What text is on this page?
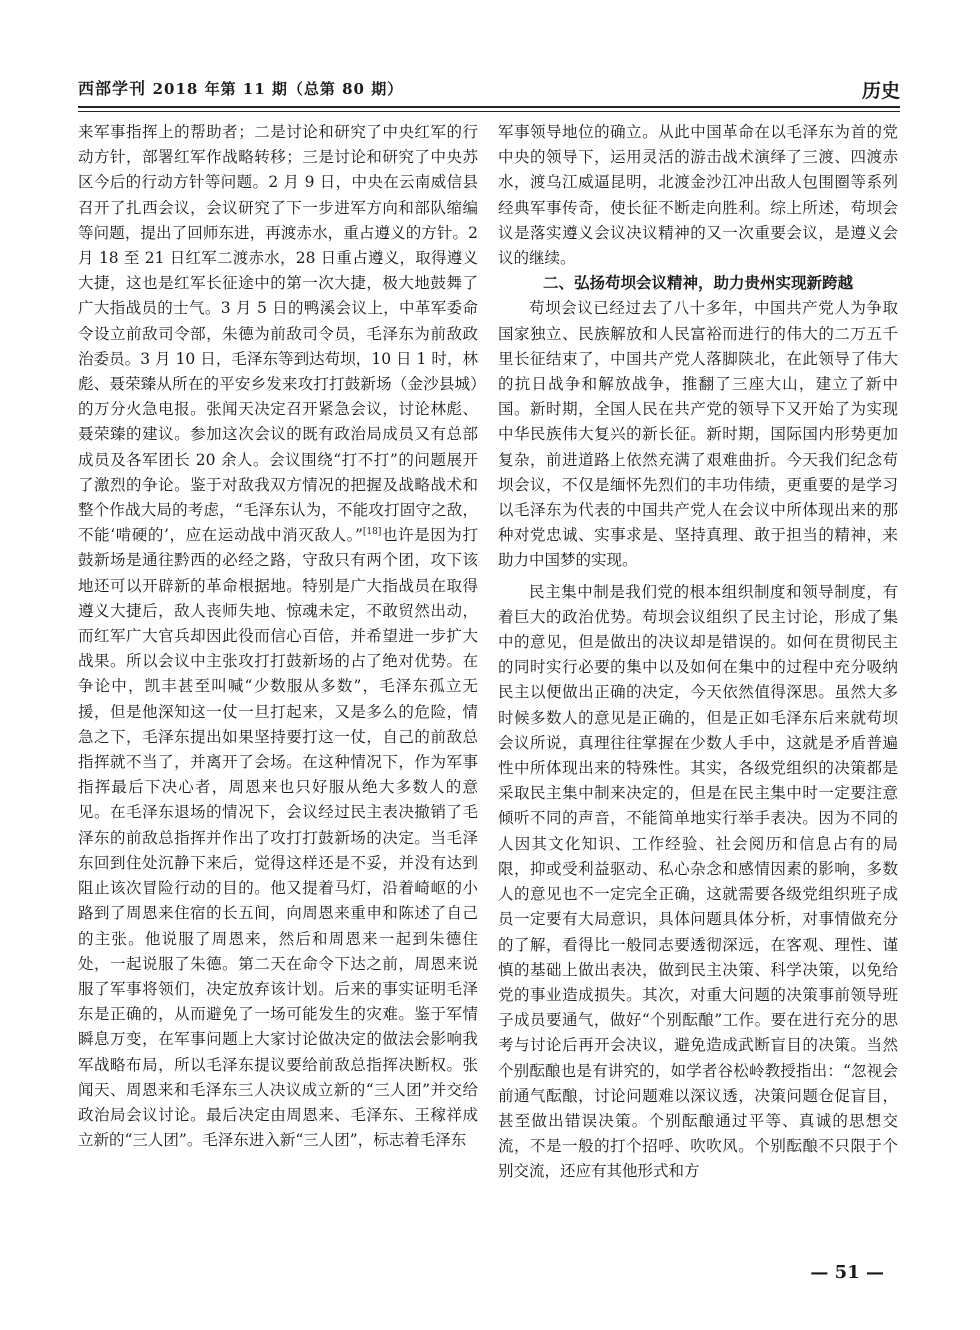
西部学刊 2018 年第 11 期（总第 80 期）	历史

来军事指挥上的帮助者；二是讨论和研究了中央红军的行动方针，部署红军作战略转移；三是讨论和研究了中央苏区今后的行动方针等问题。2 月 9 日，中央在云南威信县召开了扎西会议，会议研究了下一步进军方向和部队缩编等问题，提出了回师东进，再渡赤水，重占遵义的方针。2 月 18 至 21 日红军二渡赤水，28 日重占遵义，取得遵义大捷，这也是红军长征途中的第一次大捷，极大地鼓舞了广大指战员的士气。3 月 5 日的鸭溪会议上，中革军委命令设立前敌司令部，朱德为前敌司令员，毛泽东为前敌政治委员。3 月 10 日，毛泽东等到达苟坝，10 日 1 时，林彪、聂荣臻从所在的平安乡发来攻打打鼓新场（金沙县城）的万分火急电报。张闻天决定召开紧急会议，讨论林彪、聂荣臻的建议。参加这次会议的既有政治局成员又有总部成员及各军团长 20 余人。会议围绕“打不打”的问题展开了激烈的争论。鉴于对敌我双方情况的把握及战略战术和整个作战大局的考虑，“毛泽东认为，不能攻打固守之敌，不能‘啃硬的’，应在运动战中消灭敌人。”[18]也许是因为打鼓新场是通往黔西的必经之路，守敌只有两个团，攻下该地还可以开辟新的革命根据地。特别是广大指战员在取得遵义大捷后，敌人丧师失地、惊魂未定，不敢贸然出动，而红军广大官兵却因此役而信心百倍，并希望进一步扩大战果。所以会议中主张攻打打鼓新场的占了绝对优势。在争论中，凯丰甚至叫喊“少数服从多数”，毛泽东孤立无援，但是他深知这一仗一旦打起来，又是多么的危险，情急之下，毛泽东提出如果坚持要打这一仗，自己的前敌总指挥就不当了，并离开了会场。在这种情况下，作为军事指挥最后下决心者，周恩来也只好服从绝大多数人的意见。在毛泽东退场的情况下，会议经过民主表决撤销了毛泽东的前敌总指挥并作出了攻打打鼓新场的决定。当毛泽东回到住处沉静下来后，觉得这样还是不妥，并没有达到阻止该次冒险行动的目的。他又提着马灯，沿着崎岖的小路到了周恩来住宿的长五间，向周恩来重申和陈述了自己的主张。他说服了周恩来，然后和周恩来一起到朱德住处，一起说服了朱德。第二天在命令下达之前，周恩来说服了军事将领们，决定放弃该计划。后来的事实证明毛泽东是正确的，从而避免了一场可能发生的灾难。鉴于军情瞬息万变，在军事问题上大家讨论做决定的做法会影响我军战略布局，所以毛泽东提议要给前敌总指挥决断权。张闻天、周恩来和毛泽东三人决议成立新的“三人团”并交给政治局会议讨论。最后决定由周恩来、毛泽东、王稼祥成立新的“三人团”。毛泽东进入新“三人团”，标志着毛泽东

军事领导地位的确立。从此中国革命在以毛泽东为首的党中央的领导下，运用灵活的游击战术演绎了三渡、四渡赤水，渡乌江威逼昆明，北渡金沙江冲出敌人包围圈等系列经典军事传奇，使长征不断走向胜利。综上所述，苟坝会议是落实遵义会议决议精神的又一次重要会议，是遵义会议的继续。

二、弘扬苟坝会议精神，助力贵州实现新跨越

苟坝会议已经过去了八十多年，中国共产党人为争取国家独立、民族解放和人民富裕而进行的伟大的二万五千里长征结束了，中国共产党人落脚陕北，在此领导了伟大的抗日战争和解放战争，推翻了三座大山，建立了新中国。新时期，全国人民在共产党的领导下又开始了为实现中华民族伟大复兴的新长征。新时期，国际国内形势更加复杂，前进道路上依然充满了艰难曲折。今天我们纪念苟坝会议，不仅是缅怀先烈们的丰功伟绩，更重要的是学习以毛泽东为代表的中国共产党人在会议中所体现出来的那种对党忠诚、实事求是、坚持真理、敢于担当的精神，来助力中国梦的实现。

民主集中制是我们党的根本组织制度和领导制度，有着巨大的政治优势。苟坝会议组织了民主讨论，形成了集中的意见，但是做出的决议却是错误的。如何在贯彻民主的同时实行必要的集中以及如何在集中的过程中充分吸纳民主以便做出正确的决定，今天依然值得深思。虽然大多时候多数人的意见是正确的，但是正如毛泽东后来就苟坝会议所说，真理往往掌握在少数人手中，这就是矛盾普遍性中所体现出来的特殊性。其实，各级党组织的决策都是采取民主集中制来决定的，但是在民主集中时一定要注意倾听不同的声音，不能简单地实行举手表决。因为不同的人因其文化知识、工作经验、社会阅历和信息占有的局限，抑或受利益驱动、私心杂念和感情因素的影响，多数人的意见也不一定完全正确，这就需要各级党组织班子成员一定要有大局意识，具体问题具体分析，对事情做充分的了解，看得比一般同志要透彻深远，在客观、理性、谨慎的基础上做出表决，做到民主决策、科学决策，以免给党的事业造成损失。其次，对重大问题的决策事前领导班子成员要通气，做好“个别酝酿”工作。要在进行充分的思考与讨论后再开会决议，避免造成武断盲目的决策。当然个别酝酿也是有讲究的，如学者谷松岭教授指出：“忽视会前通气酝酿，讨论问题难以深议透，决策问题仓促盲目，甚至做出错误决策。个别酝酿通过平等、真诚的思想交流，不是一般的打个招呼、吹吹风。个别酝酿不只限于个别交流，还应有其他形式和方

— 51 —
